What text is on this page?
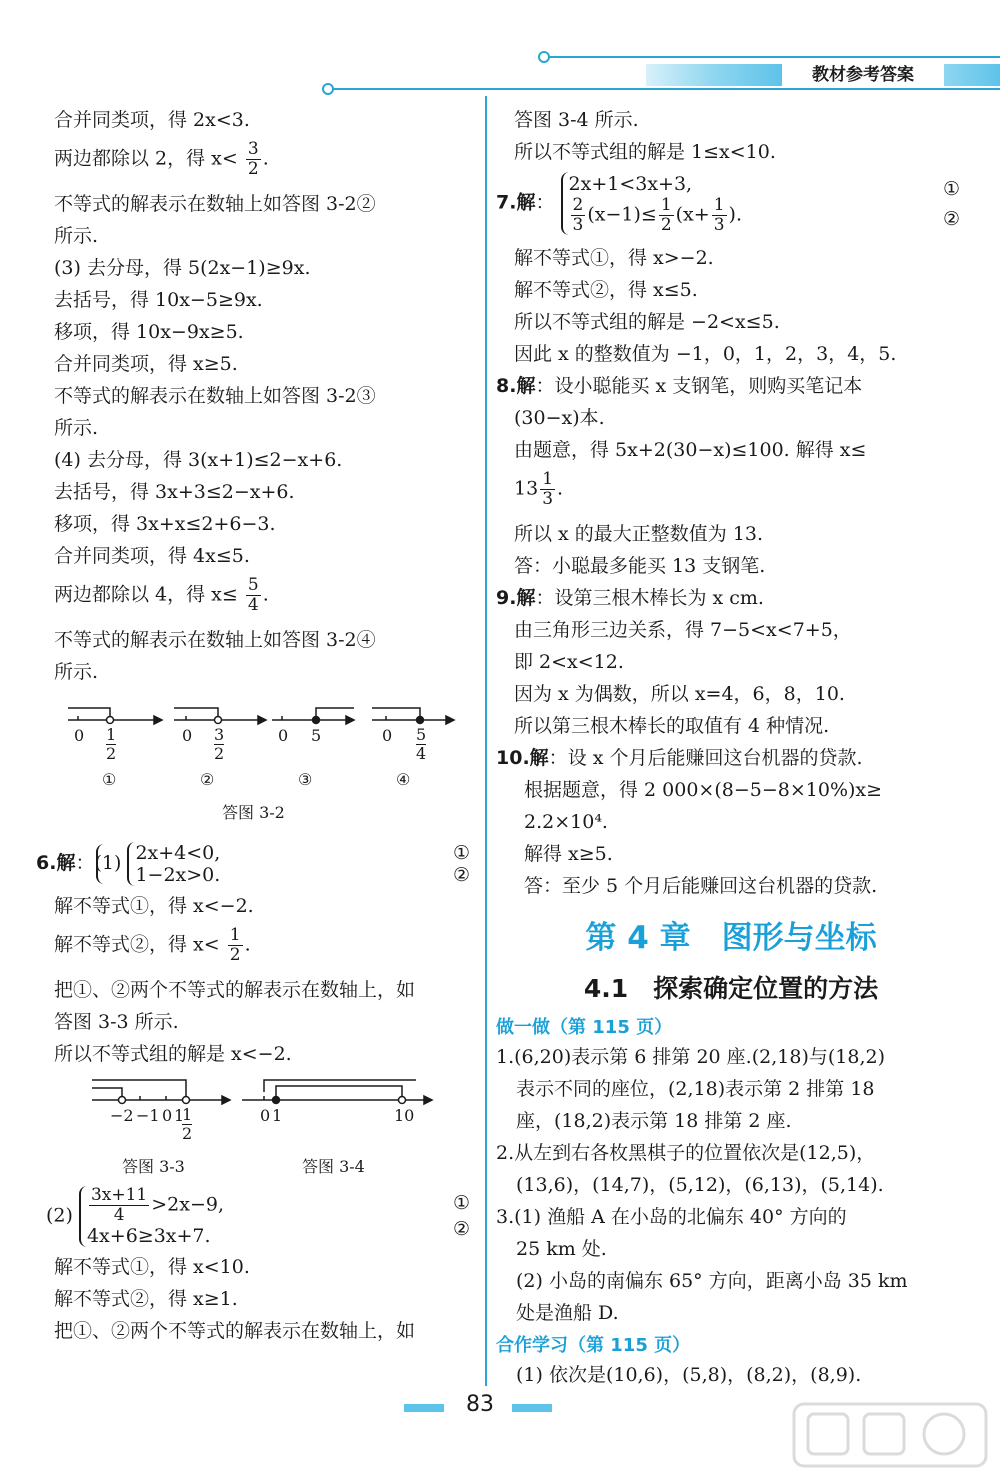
教材参考答案
合并同类项，得 2x<3.
两边都除以 2，得 $x< \frac{3}{2}$ .
不等式的解表示在数轴上如答图 3-2②
所示.
(3) 去分母，得 5(2x−1)≥9x.
去括号，得 10x−5≥9x.
移项，得 10x−9x≥5.
合并同类项，得 x≥5.
不等式的解表示在数轴上如答图 3-2③
所示.
(4) 去分母，得 3(x+1)≤2−x+6.
去括号，得 3x+3≤2−x+6.
移项，得 3x+x≤2+6−3.
合并同类项，得 4x≤5.
两边都除以 4，得 $x\le \frac{5}{4}$ .
不等式的解表示在数轴上如答图 3-2④
所示.
$0 \frac{1}{2}$	$0 \frac{3}{2}$	0 5	$0 \frac{5}{4}$
①	②	③	④
答图 3-2
6.解：(1) 2x+4<0,
1−2x>0.
①
②
解不等式①，得 x<−2.
解不等式②，得 $x< \frac{1}{2}$ .
把①、②两个不等式的解表示在数轴上，如
答图 3-3 所示.
所以不等式组的解是 x<−2.
−2 −1 0 1
$\frac{1}{2}$	0 1	10
答图 3-3	答图 3-4
$(2) \frac{3x+11}{4} >2x-9$,
4x+6≥3x+7.
①
②
解不等式①，得 x<10.
解不等式②，得 x≥1.
把①、②两个不等式的解表示在数轴上，如
答图 3-4 所示.
所以不等式组的解是 1≤x<10.
7.解：
2x+1<3x+3,
$\frac{2}{3} (x-1)\le \frac{1}{2} (x+ \frac{1}{3}$ ).
①
②
解不等式①，得 x>−2.
解不等式②，得 x≤5.
所以不等式组的解是 −2<x≤5.
因此 x 的整数值为 −1，0，1，2，3，4，5.
8.解：设小聪能买 x 支钢笔，则购买笔记本
(30−x)本.
由题意，得 5x+2(30−x)≤100. 解得 x≤
$13 \frac{1}{3}$ .
所以 x 的最大正整数值为 13.
答：小聪最多能买 13 支钢笔.
9.解：设第三根木棒长为 x cm.
由三角形三边关系，得 7−5<x<7+5，
即 2<x<12.
因为 x 为偶数，所以 x=4，6，8，10.
所以第三根木棒长的取值有 4 种情况.
10.解：设 x 个月后能赚回这台机器的贷款.
根据题意，得 2 000×(8−5−8×10%)x≥
2.2×10⁴.
解得 x≥5.
答：至少 5 个月后能赚回这台机器的贷款.
第 4 章　图形与坐标
4.1　探索确定位置的方法
做一做（第 115 页）
1.(6,20)表示第 6 排第 20 座.(2,18)与(18,2)
表示不同的座位，(2,18)表示第 2 排第 18
座，(18,2)表示第 18 排第 2 座.
2.从左到右各枚黑棋子的位置依次是(12,5)，
(13,6)，(14,7)，(5,12)，(6,13)，(5,14).
3.(1) 渔船 A 在小岛的北偏东 40° 方向的
25 km 处.
(2) 小岛的南偏东 65° 方向，距离小岛 35 km
处是渔船 D.
合作学习（第 115 页）
(1) 依次是(10,6)，(5,8)，(8,2)，(8,9).
83
